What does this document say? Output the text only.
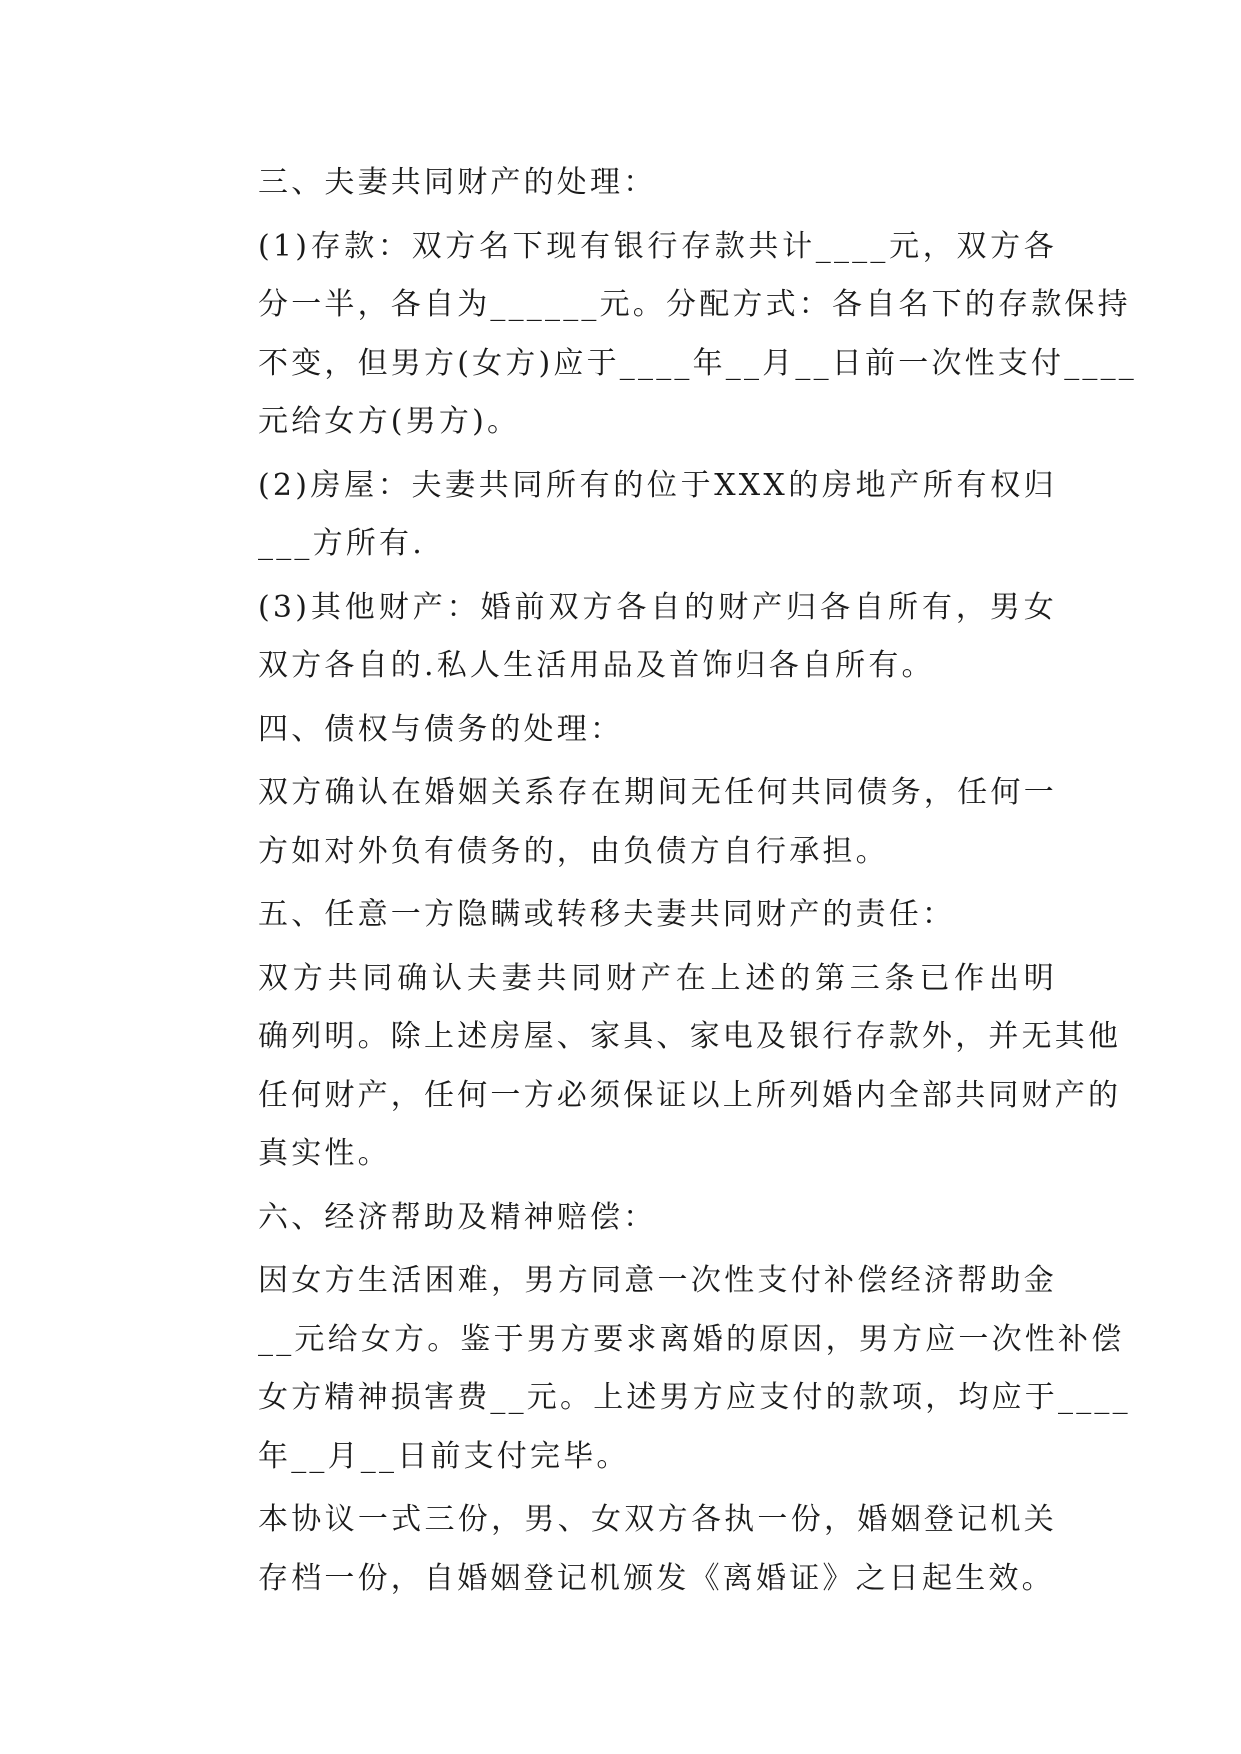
三、夫妻共同财产的处理：

(1)存款：双方名下现有银行存款共计____元，双方各
分一半，各自为______元。分配方式：各自名下的存款保持
不变，但男方(女方)应于____年__月__日前一次性支付____
元给女方(男方)。

(2)房屋：夫妻共同所有的位于XXX的房地产所有权归
___方所有.

(3)其他财产：婚前双方各自的财产归各自所有，男女
双方各自的.私人生活用品及首饰归各自所有。

四、债权与债务的处理：

双方确认在婚姻关系存在期间无任何共同债务，任何一
方如对外负有债务的，由负债方自行承担。

五、任意一方隐瞒或转移夫妻共同财产的责任：

双方共同确认夫妻共同财产在上述的第三条已作出明
确列明。除上述房屋、家具、家电及银行存款外，并无其他
任何财产，任何一方必须保证以上所列婚内全部共同财产的
真实性。

六、经济帮助及精神赔偿：

因女方生活困难，男方同意一次性支付补偿经济帮助金
__元给女方。鉴于男方要求离婚的原因，男方应一次性补偿
女方精神损害费__元。上述男方应支付的款项，均应于____
年__月__日前支付完毕。

本协议一式三份，男、女双方各执一份，婚姻登记机关
存档一份，自婚姻登记机颁发《离婚证》之日起生效。
